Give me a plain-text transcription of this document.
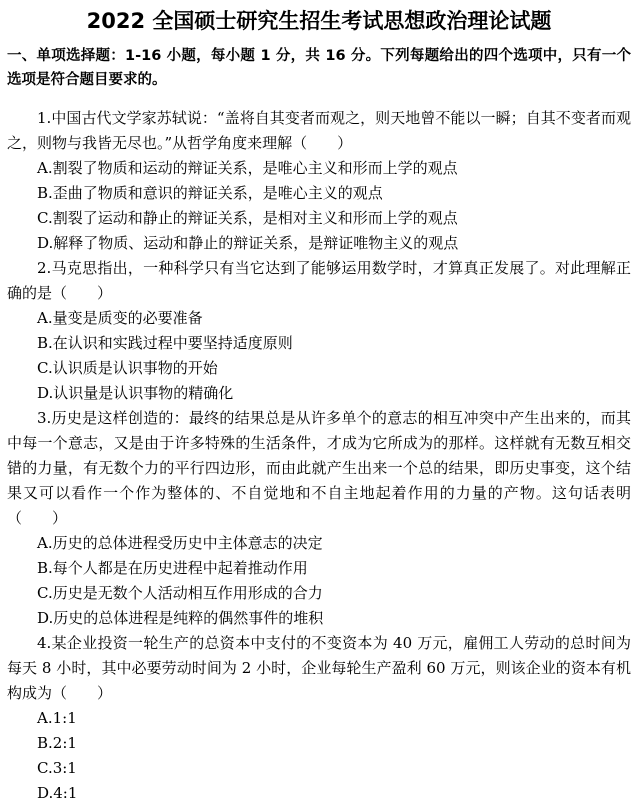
2022 全国硕士研究生招生考试思想政治理论试题

一、单项选择题：1-16 小题，每小题 1 分，共 16 分。下列每题给出的四个选项中，只有一个选项是符合题目要求的。

1.中国古代文学家苏轼说：“盖将自其变者而观之，则天地曾不能以一瞬；自其不变者而观之，则物与我皆无尽也。”从哲学角度来理解（　　）

A.割裂了物质和运动的辩证关系，是唯心主义和形而上学的观点
B.歪曲了物质和意识的辩证关系，是唯心主义的观点
C.割裂了运动和静止的辩证关系，是相对主义和形而上学的观点
D.解释了物质、运动和静止的辩证关系，是辩证唯物主义的观点

2.马克思指出，一种科学只有当它达到了能够运用数学时，才算真正发展了。对此理解正确的是（　　）

A.量变是质变的必要准备
B.在认识和实践过程中要坚持适度原则
C.认识质是认识事物的开始
D.认识量是认识事物的精确化

3.历史是这样创造的：最终的结果总是从许多单个的意志的相互冲突中产生出来的，而其中每一个意志，又是由于许多特殊的生活条件，才成为它所成为的那样。这样就有无数互相交错的力量，有无数个力的平行四边形，而由此就产生出来一个总的结果，即历史事变，这个结果又可以看作一个作为整体的、不自觉地和不自主地起着作用的力量的产物。这句话表明（　　）

A.历史的总体进程受历史中主体意志的决定
B.每个人都是在历史进程中起着推动作用
C.历史是无数个人活动相互作用形成的合力
D.历史的总体进程是纯粹的偶然事件的堆积

4.某企业投资一轮生产的总资本中支付的不变资本为 40 万元，雇佣工人劳动的总时间为每天 8 小时，其中必要劳动时间为 2 小时，企业每轮生产盈利 60 万元，则该企业的资本有机构成为（　　）

A.1:1
B.2:1
C.3:1
D.4:1
